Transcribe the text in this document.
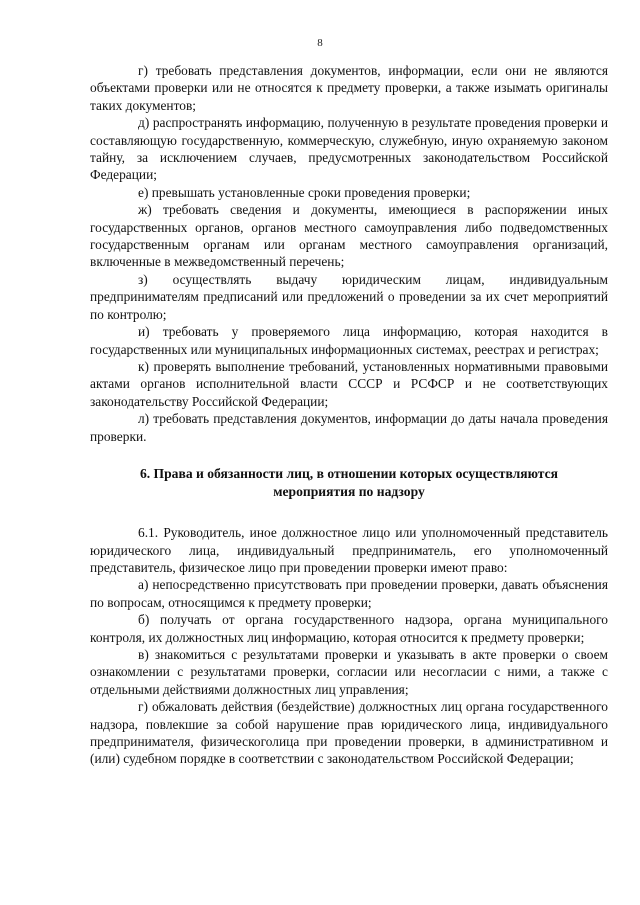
8

г) требовать представления документов, информации, если они не являются объектами проверки или не относятся к предмету проверки, а также изымать оригиналы таких документов;

д) распространять информацию, полученную в результате проведения проверки и составляющую государственную, коммерческую, служебную, иную охраняемую законом тайну, за исключением случаев, предусмотренных законодательством Российской Федерации;

е) превышать установленные сроки проведения проверки;

ж) требовать сведения и документы, имеющиеся в распоряжении иных государственных органов, органов местного самоуправления либо подведомственных государственным органам или органам местного самоуправления организаций, включенные в межведомственный перечень;

з) осуществлять выдачу юридическим лицам, индивидуальным предпринимателям предписаний или предложений о проведении за их счет мероприятий по контролю;

и) требовать у проверяемого лица информацию, которая находится в государственных или муниципальных информационных системах, реестрах и регистрах;

к) проверять выполнение требований, установленных нормативными правовыми актами органов исполнительной власти СССР и РСФСР и не соответствующих законодательству Российской Федерации;

л) требовать представления документов, информации до даты начала проведения проверки.

6. Права и обязанности лиц, в отношении которых осуществляются мероприятия по надзору

6.1. Руководитель, иное должностное лицо или уполномоченный представитель юридического лица, индивидуальный предприниматель, его уполномоченный представитель, физическое лицо при проведении проверки имеют право:

а) непосредственно присутствовать при проведении проверки, давать объяснения по вопросам, относящимся к предмету проверки;

б) получать от органа государственного надзора, органа муниципального контроля, их должностных лиц информацию, которая относится к предмету проверки;

в) знакомиться с результатами проверки и указывать в акте проверки о своем ознакомлении с результатами проверки, согласии или несогласии с ними, а также с отдельными действиями должностных лиц управления;

г) обжаловать действия (бездействие) должностных лиц органа государственного надзора, повлекшие за собой нарушение прав юридического лица, индивидуального предпринимателя, физическоголица при проведении проверки, в административном и (или) судебном порядке в соответствии с законодательством Российской Федерации;
